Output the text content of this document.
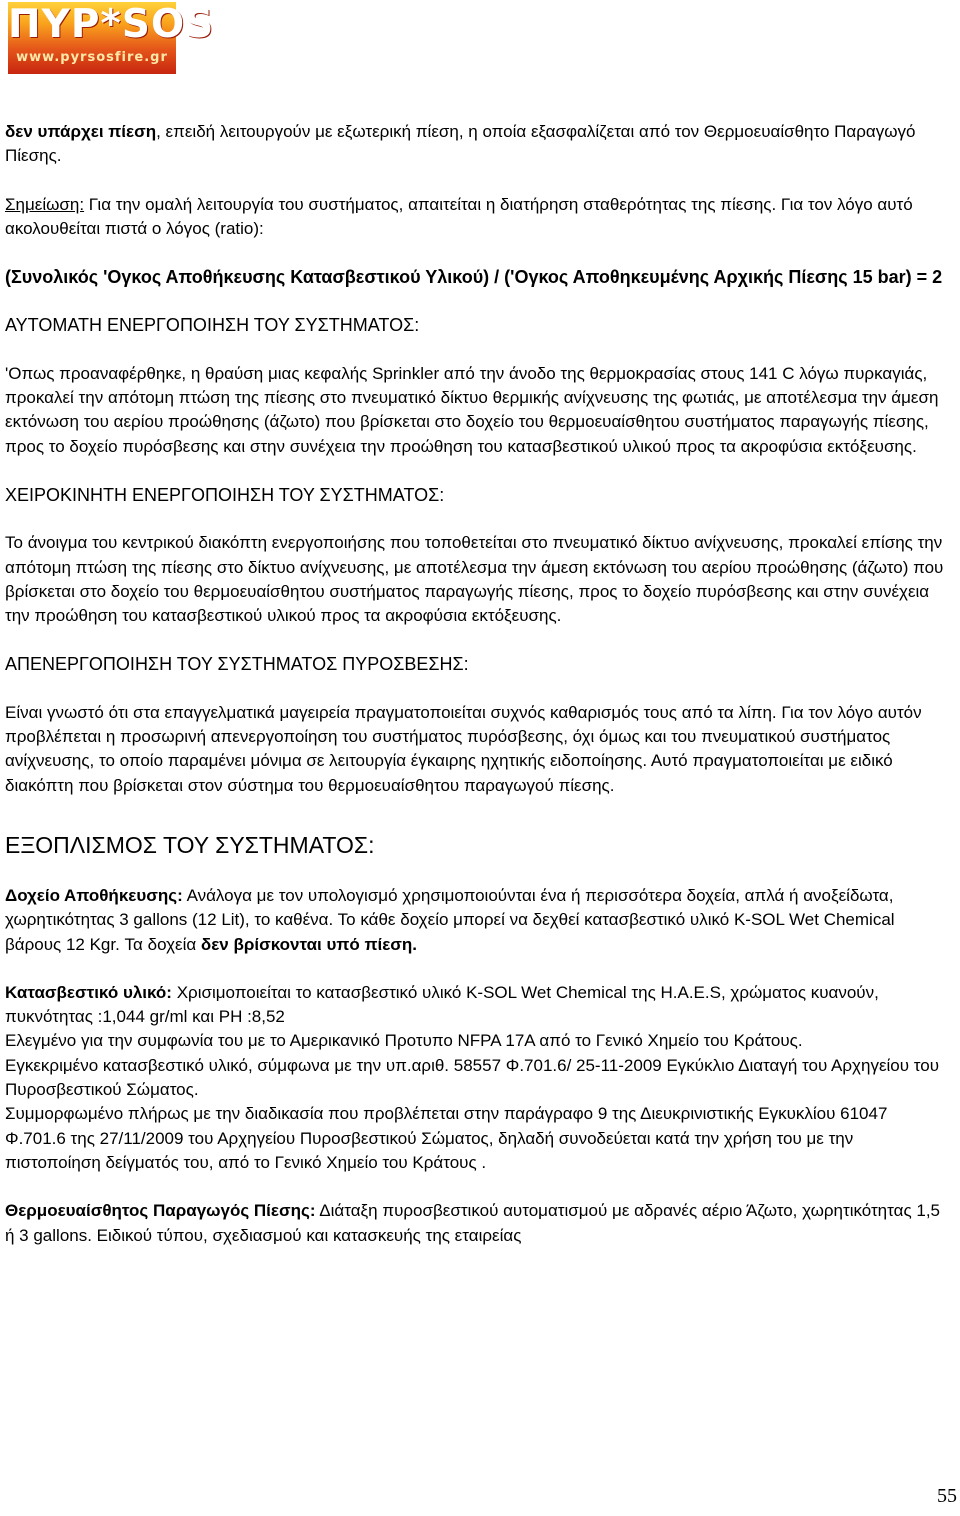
ΠΥΡ*SOS
www.pyrsosfire.gr

δεν υπάρχει πίεση, επειδή λειτουργούν με εξωτερική πίεση, η οποία εξασφαλίζεται από τον Θερμοευαίσθητο Παραγωγό Πίεσης.

Σημείωση: Για την ομαλή λειτουργία του συστήματος, απαιτείται η διατήρηση σταθερότητας της πίεσης. Για τον λόγο αυτό ακολουθείται πιστά ο λόγος (ratio):

(Συνολικός 'Ογκος Αποθήκευσης Κατασβεστικού Υλικού) / ('Ογκος Αποθηκευμένης Αρχικής Πίεσης 15 bar) = 2

ΑΥΤΟΜΑΤΗ ΕΝΕΡΓΟΠΟΙΗΣΗ ΤΟΥ ΣΥΣΤΗΜΑΤΟΣ:

'Οπως προαναφέρθηκε, η θραύση μιας κεφαλής Sprinkler από την άνοδο της θερμοκρασίας στους 141 C λόγω πυρκαγιάς, προκαλεί την απότομη πτώση της πίεσης στο πνευματικό δίκτυο θερμικής ανίχνευσης της φωτιάς, με αποτέλεσμα την άμεση εκτόνωση του αερίου προώθησης (άζωτο) που βρίσκεται στο δοχείο του θερμοευαίσθητου συστήματος παραγωγής πίεσης, προς το δοχείο πυρόσβεσης και στην συνέχεια την προώθηση του κατασβεστικού υλικού προς τα ακροφύσια εκτόξευσης.

ΧΕΙΡΟΚΙΝΗΤΗ ΕΝΕΡΓΟΠΟΙΗΣΗ ΤΟΥ ΣΥΣΤΗΜΑΤΟΣ:

Το άνοιγμα του κεντρικού διακόπτη ενεργοποιήσης που τοποθετείται στο πνευματικό δίκτυο ανίχνευσης, προκαλεί επίσης την απότομη πτώση της πίεσης στο δίκτυο ανίχνευσης, με αποτέλεσμα την άμεση εκτόνωση του αερίου προώθησης (άζωτο) που βρίσκεται στο δοχείο του θερμοευαίσθητου συστήματος παραγωγής πίεσης, προς το δοχείο πυρόσβεσης και στην συνέχεια την προώθηση του κατασβεστικού υλικού προς τα ακροφύσια εκτόξευσης.

ΑΠΕΝΕΡΓΟΠΟΙΗΣΗ ΤΟΥ ΣΥΣΤΗΜΑΤΟΣ ΠΥΡΟΣΒΕΣΗΣ:

Είναι γνωστό ότι στα επαγγελματικά μαγειρεία πραγματοποιείται συχνός καθαρισμός τους από τα λίπη. Για τον λόγο αυτόν προβλέπεται η προσωρινή απενεργοποίηση του συστήματος πυρόσβεσης, όχι όμως και του πνευματικού συστήματος ανίχνευσης, το οποίο παραμένει μόνιμα σε λειτουργία έγκαιρης ηχητικής ειδοποίησης. Αυτό πραγματοποιείται με ειδικό διακόπτη που βρίσκεται στον σύστημα του θερμοευαίσθητου παραγωγού πίεσης.

ΕΞΟΠΛΙΣΜΟΣ ΤΟΥ ΣΥΣΤΗΜΑΤΟΣ:

Δοχείο Αποθήκευσης: Ανάλογα με τον υπολογισμό χρησιμοποιούνται ένα ή περισσότερα δοχεία, απλά ή ανοξείδωτα, χωρητικότητας 3 gallons (12 Lit), το καθένα. Το κάθε δοχείο μπορεί να δεχθεί κατασβεστικό υλικό K-SOL Wet Chemical βάρους 12 Kgr. Τα δοχεία δεν βρίσκονται υπό πίεση.

Κατασβεστικό υλικό: Χρισιμοποιείται το κατασβεστικό υλικό K-SOL Wet Chemical της H.A.E.S, χρώματος κυανούν, πυκνότητας :1,044 gr/ml και PH :8,52

Ελεγμένο για την συμφωνία του με το Αμερικανικό Προτυπο NFPA 17A από το Γενικό Χημείο του Κράτους.

Εγκεκριμένο κατασβεστικό υλικό, σύμφωνα με την υπ.αριθ. 58557 Φ.701.6/ 25-11-2009 Εγκύκλιο Διαταγή του Αρχηγείου του Πυροσβεστικού Σώματος.

Συμμορφωμένο πλήρως με την διαδικασία που προβλέπεται στην παράγραφο 9 της Διευκρινιστικής Εγκυκλίου 61047 Φ.701.6 της 27/11/2009 του Αρχηγείου Πυροσβεστικού Σώματος, δηλαδή συνοδεύεται κατά την χρήση του με την πιστοποίηση δείγματός του, από το Γενικό Χημείο του Κράτους .

Θερμοευαίσθητος Παραγωγός Πίεσης: Διάταξη πυροσβεστικού αυτοματισμού με αδρανές αέριο Άζωτο, χωρητικότητας 1,5 ή 3 gallons. Ειδικού τύπου, σχεδιασμού και κατασκευής της εταιρείας

55
